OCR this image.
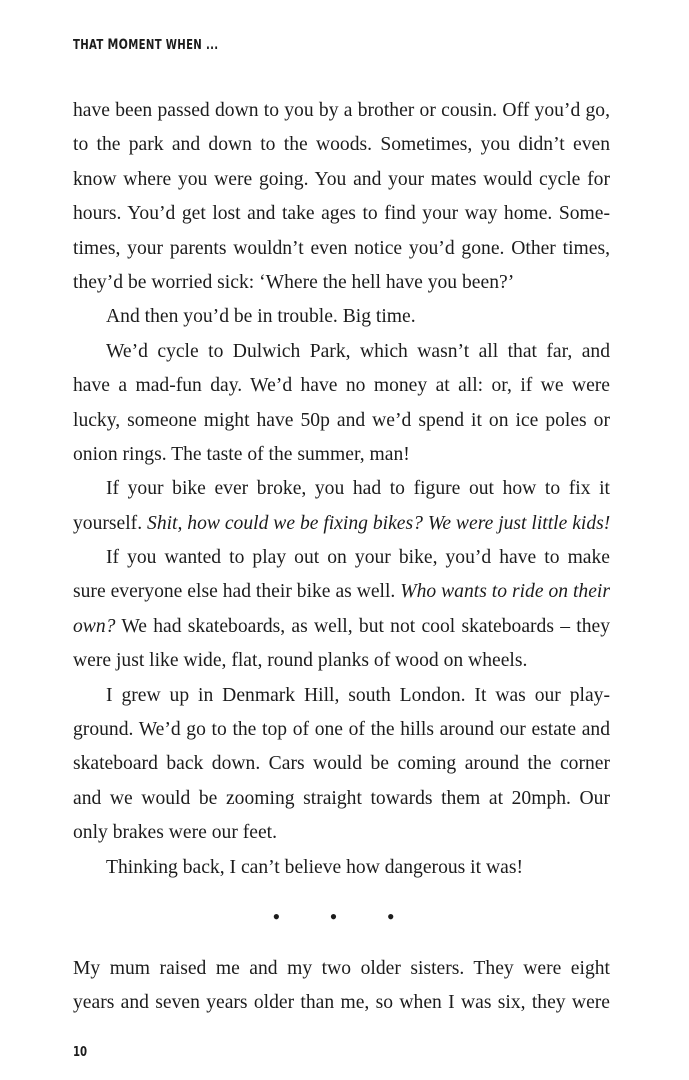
THAT MOMENT WHEN ...
have been passed down to you by a brother or cousin. Off you’d go,
to the park and down to the woods. Sometimes, you didn’t even
know where you were going. You and your mates would cycle for
hours. You’d get lost and take ages to find your way home. Some-
times, your parents wouldn’t even notice you’d gone. Other times,
they’d be worried sick: ‘Where the hell have you been?’
And then you’d be in trouble. Big time.
We’d cycle to Dulwich Park, which wasn’t all that far, and
have a mad-fun day. We’d have no money at all: or, if we were
lucky, someone might have 50p and we’d spend it on ice poles or
onion rings. The taste of the summer, man!
If your bike ever broke, you had to figure out how to fix it
yourself. Shit, how could we be fixing bikes? We were just little kids!
If you wanted to play out on your bike, you’d have to make
sure everyone else had their bike as well. Who wants to ride on their
own? We had skateboards, as well, but not cool skateboards – they
were just like wide, flat, round planks of wood on wheels.
I grew up in Denmark Hill, south London. It was our play-
ground. We’d go to the top of one of the hills around our estate and
skateboard back down. Cars would be coming around the corner
and we would be zooming straight towards them at 20mph. Our
only brakes were our feet.
Thinking back, I can’t believe how dangerous it was!
• • •
My mum raised me and my two older sisters. They were eight
years and seven years older than me, so when I was six, they were
10
